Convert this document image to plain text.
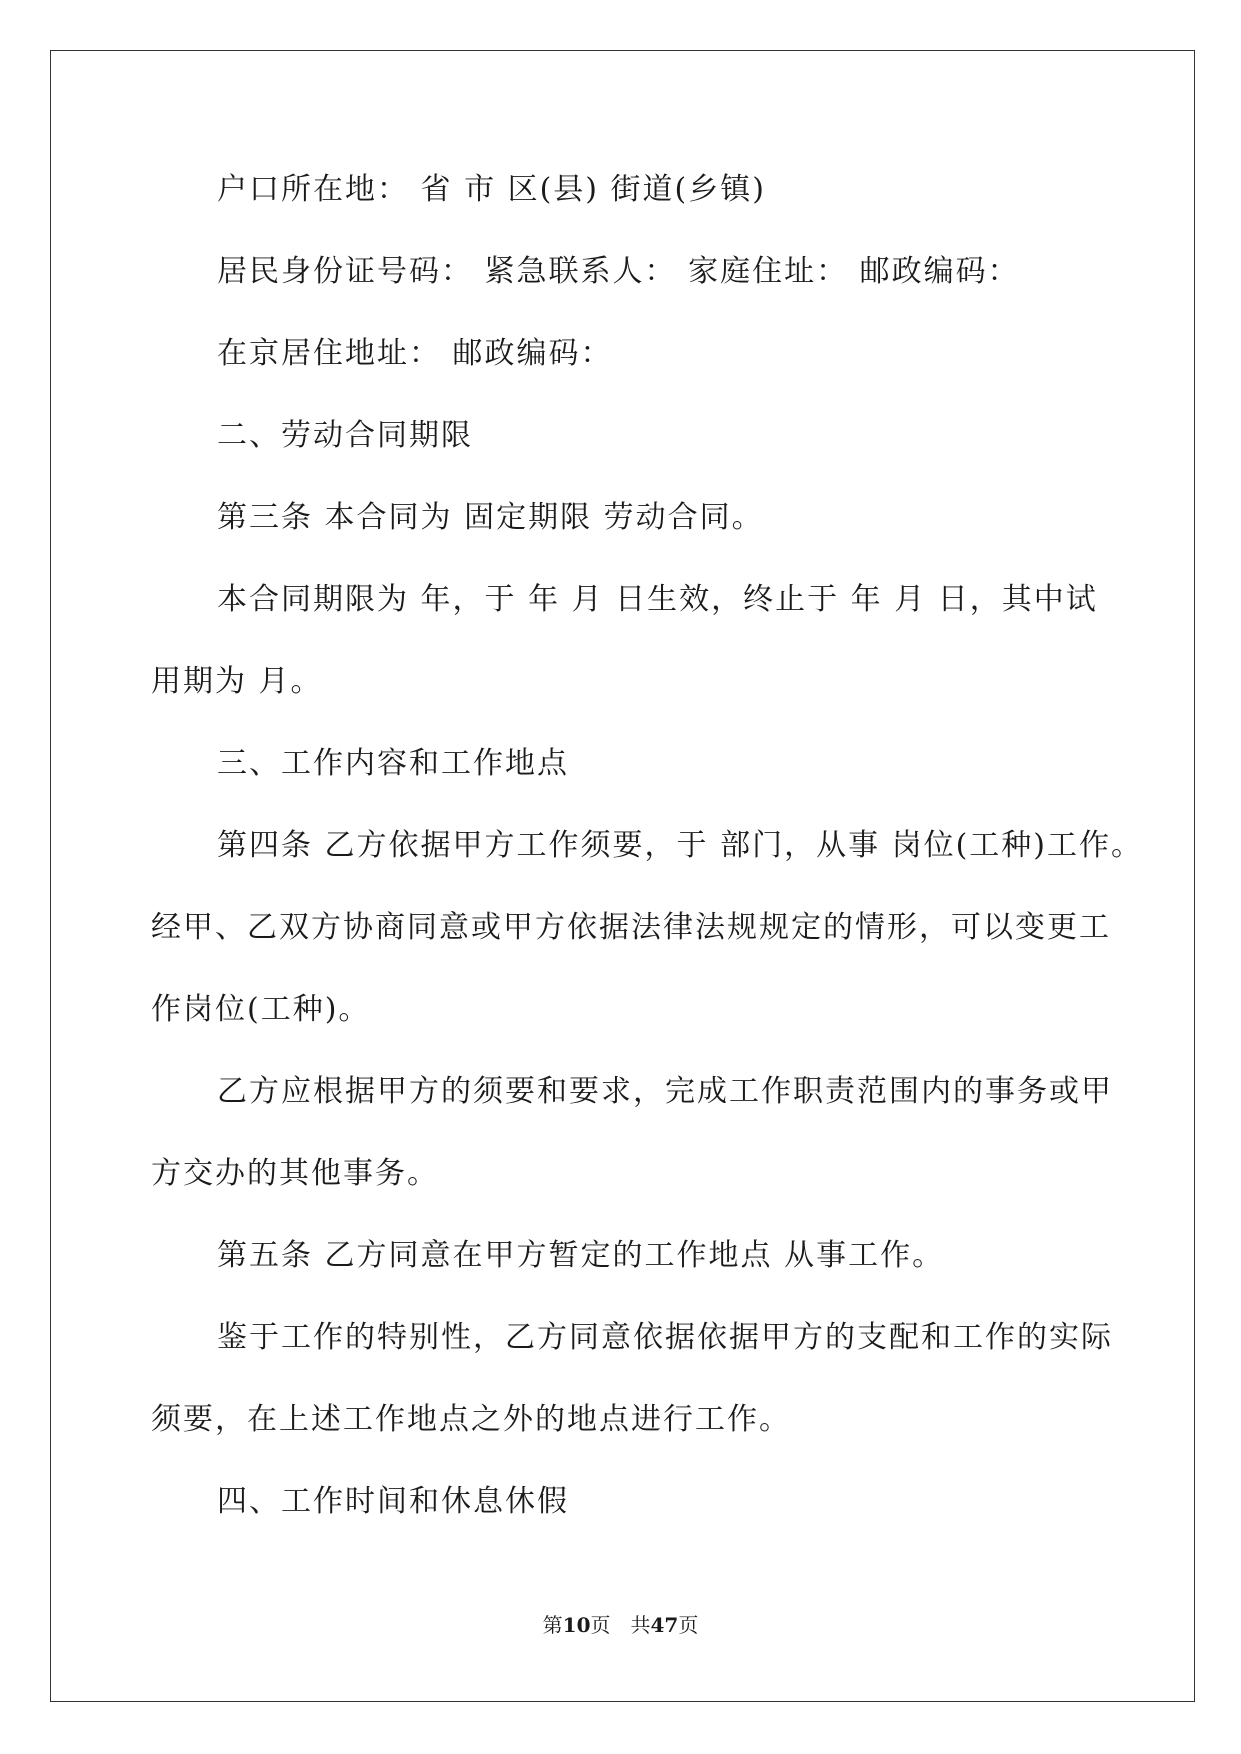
户口所在地： 省 市 区(县) 街道(乡镇)
居民身份证号码： 紧急联系人： 家庭住址： 邮政编码：
在京居住地址： 邮政编码：
二、劳动合同期限
第三条 本合同为 固定期限 劳动合同。
本合同期限为 年，于 年 月 日生效，终止于 年 月 日，其中试
用期为 月。
三、工作内容和工作地点
第四条 乙方依据甲方工作须要，于 部门，从事 岗位(工种)工作。
经甲、乙双方协商同意或甲方依据法律法规规定的情形，可以变更工
作岗位(工种)。
乙方应根据甲方的须要和要求，完成工作职责范围内的事务或甲
方交办的其他事务。
第五条 乙方同意在甲方暂定的工作地点 从事工作。
鉴于工作的特别性，乙方同意依据依据甲方的支配和工作的实际
须要，在上述工作地点之外的地点进行工作。
四、工作时间和休息休假
第10页　共47页
